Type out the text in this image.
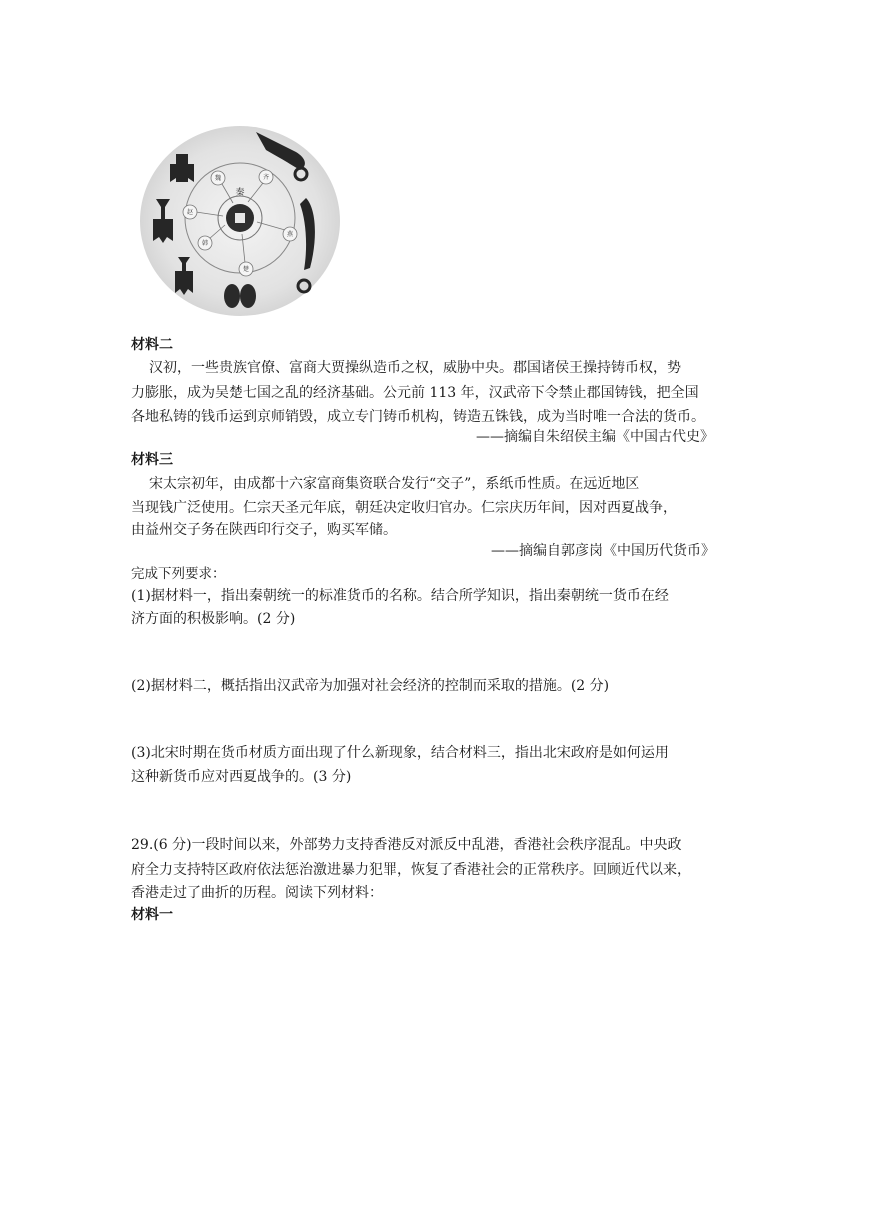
秦
魏	齐
燕
楚
韩
赵
材料二
汉初，一些贵族官僚、富商大贾操纵造币之权，威胁中央。郡国诸侯王操持铸币权，势
力膨胀，成为吴楚七国之乱的经济基础。公元前 113 年，汉武帝下令禁止郡国铸钱，把全国
各地私铸的钱币运到京师销毁，成立专门铸币机构，铸造五铢钱，成为当时唯一合法的货币。
——摘编自朱绍侯主编《中国古代史》
材料三
宋太宗初年，由成都十六家富商集资联合发行“交子”，系纸币性质。在远近地区
当现钱广泛使用。仁宗天圣元年底，朝廷决定收归官办。仁宗庆历年间，因对西夏战争，
由益州交子务在陕西印行交子，购买军储。
——摘编自郭彦岗《中国历代货币》
完成下列要求：
(1)据材料一，指出秦朝统一的标准货币的名称。结合所学知识，指出秦朝统一货币在经
济方面的积极影响。(2 分)
(2)据材料二，概括指出汉武帝为加强对社会经济的控制而采取的措施。(2 分)
(3)北宋时期在货币材质方面出现了什么新现象，结合材料三，指出北宋政府是如何运用
这种新货币应对西夏战争的。(3 分)
29.(6 分)一段时间以来，外部势力支持香港反对派反中乱港，香港社会秩序混乱。中央政
府全力支持特区政府依法惩治激进暴力犯罪，恢复了香港社会的正常秩序。回顾近代以来，
香港走过了曲折的历程。阅读下列材料：
材料一
